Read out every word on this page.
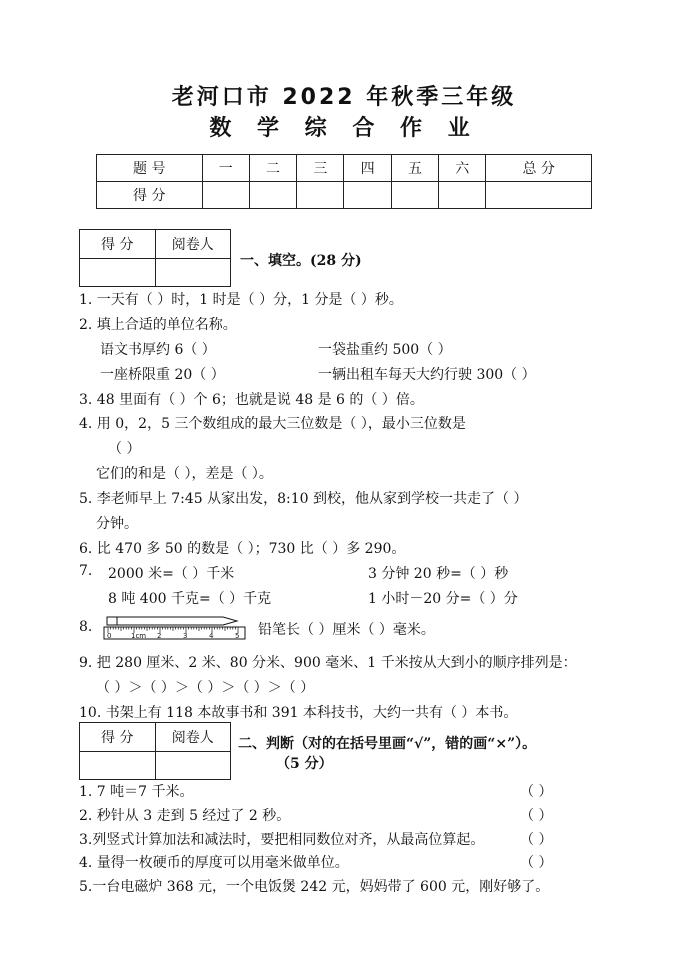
老河口市 2022 年秋季三年级
数 学 综 合 作 业
题 号	一	二	三	四	五	六	总 分
得 分							
得 分	阅卷人

一、填空。(28 分)
1. 一天有（ ）时，1 时是（ ）分，1 分是（ ）秒。
2. 填上合适的单位名称。
语文书厚约 6（ ）	一袋盐重约 500（ ）
一座桥限重 20（ ）	一辆出租车每天大约行驶 300（ ）
3. 48 里面有（ ）个 6；也就是说 48 是 6 的（ ）倍。
4. 用 0，2，5 三个数组成的最大三位数是（ ），最小三位数是
（ ）
它们的和是（ ），差是（ ）。
5. 李老师早上 7:45 从家出发，8:10 到校，他从家到学校一共走了（ ）
分钟。
6. 比 470 多 50 的数是（ ）；730 比（ ）多 290。
7. 2000 米=（ ）千米	3 分钟 20 秒=（ ）秒
8 吨 400 千克=（ ）千克	1 小时－20 分=（ ）分
8.
0	1cm 2	3	4	5 铅笔长（ ）厘米（ ）毫米。
9. 把 280 厘米、2 米、80 分米、900 毫米、1 千米按从大到小的顺序排列是：
（ ）＞（ ）＞（ ）＞（ ）＞（ ）
10. 书架上有 118 本故事书和 391 本科技书，大约一共有（ ）本书。
得 分	阅卷人
	二、判断（对的在括号里画“√”，错的画“×”）。
（5 分）
1. 7 吨＝7 千米。	（ ）
2. 秒针从 3 走到 5 经过了 2 秒。	（ ）
3.列竖式计算加法和减法时，要把相同数位对齐，从最高位算起。	（ ）
4. 量得一枚硬币的厚度可以用毫米做单位。	（ ）
5.一台电磁炉 368 元，一个电饭煲 242 元，妈妈带了 600 元，刚好够了。
